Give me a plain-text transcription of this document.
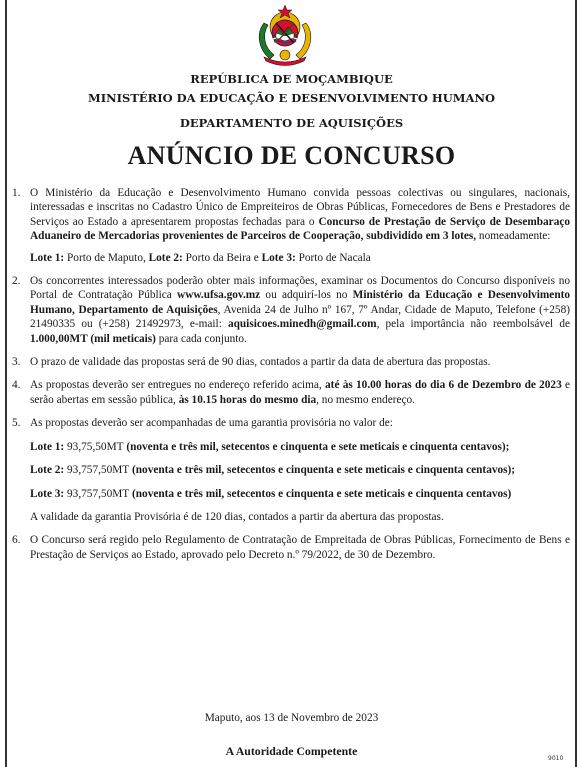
REPÚBLICA DE MOÇAMBIQUE
MINISTÉRIO DA EDUCAÇÃO E DESENVOLVIMENTO HUMANO
DEPARTAMENTO DE AQUISIÇÕES
ANÚNCIO DE CONCURSO
1. O Ministério da Educação e Desenvolvimento Humano convida pessoas colectivas ou singulares, nacionais, interessadas e inscritas no Cadastro Único de Empreiteiros de Obras Públicas, Fornecedores de Bens e Prestadores de Serviços ao Estado a apresentarem propostas fechadas para o Concurso de Prestação de Serviço de Desembaraço Aduaneiro de Mercadorias provenientes de Parceiros de Cooperação, subdividido em 3 lotes, nomeadamente:

Lote 1: Porto de Maputo, Lote 2: Porto da Beira e Lote 3: Porto de Nacala

2. Os concorrentes interessados poderão obter mais informações, examinar os Documentos do Concurso disponíveis no Portal de Contratação Pública www.ufsa.gov.mz ou adquirí-los no Ministério da Educação e Desenvolvimento Humano, Departamento de Aquisições, Avenida 24 de Julho nº 167, 7º Andar, Cidade de Maputo, Telefone (+258) 21490335 ou (+258) 21492973, e-mail: aquisicoes.minedh@gmail.com, pela importância não reembolsável de 1.000,00MT (mil meticais) para cada conjunto.

3. O prazo de validade das propostas será de 90 dias, contados a partir da data de abertura das propostas.

4. As propostas deverão ser entregues no endereço referido acima, até às 10.00 horas do dia 6 de Dezembro de 2023 e serão abertas em sessão pública, às 10.15 horas do mesmo dia, no mesmo endereço.

5. As propostas deverão ser acompanhadas de uma garantia provisória no valor de:

Lote 1: 93,75,50MT (noventa e três mil, setecentos e cinquenta e sete meticais e cinquenta centavos);

Lote 2: 93,757,50MT (noventa e três mil, setecentos e cinquenta e sete meticais e cinquenta centavos);

Lote 3: 93,757,50MT (noventa e três mil, setecentos e cinquenta e sete meticais e cinquenta centavos)

A validade da garantia Provisória é de 120 dias, contados a partir da abertura das propostas.

6. O Concurso será regido pelo Regulamento de Contratação de Empreitada de Obras Públicas, Fornecimento de Bens e Prestação de Serviços ao Estado, aprovado pelo Decreto n.º 79/2022, de 30 de Dezembro.

Maputo, aos 13 de Novembro de 2023
A Autoridade Competente
9010
